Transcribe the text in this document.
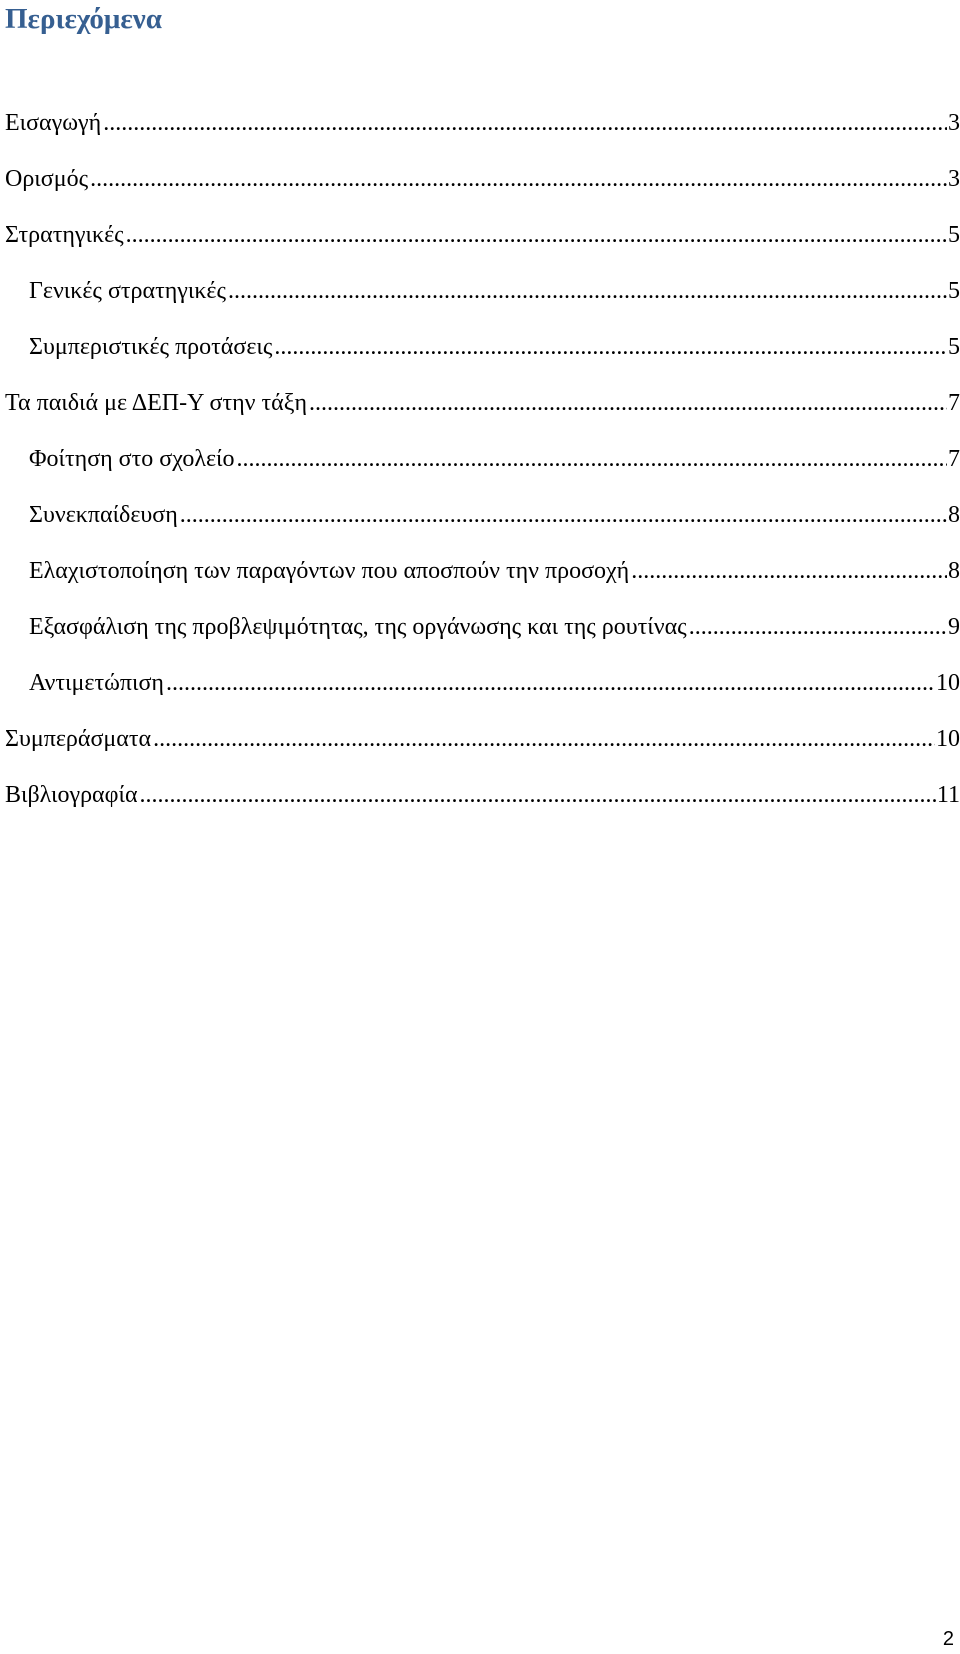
Περιεχόμενα
Εισαγωγή .....	3
Ορισμός .....	3
Στρατηγικές .....	5
Γενικές στρατηγικές .....	5
Συμπεριστικές προτάσεις .....	5
Τα παιδιά με ΔΕΠ-Υ στην τάξη .....	7
Φοίτηση στο σχολείο .....	7
Συνεκπαίδευση .....	8
Ελαχιστοποίηση των παραγόντων που αποσπούν την προσοχή .....	8
Εξασφάλιση της προβλεψιμότητας, της οργάνωσης και της ρουτίνας .....	9
Αντιμετώπιση .....	10
Συμπεράσματα .....	10
Βιβλιογραφία .....	11
2
